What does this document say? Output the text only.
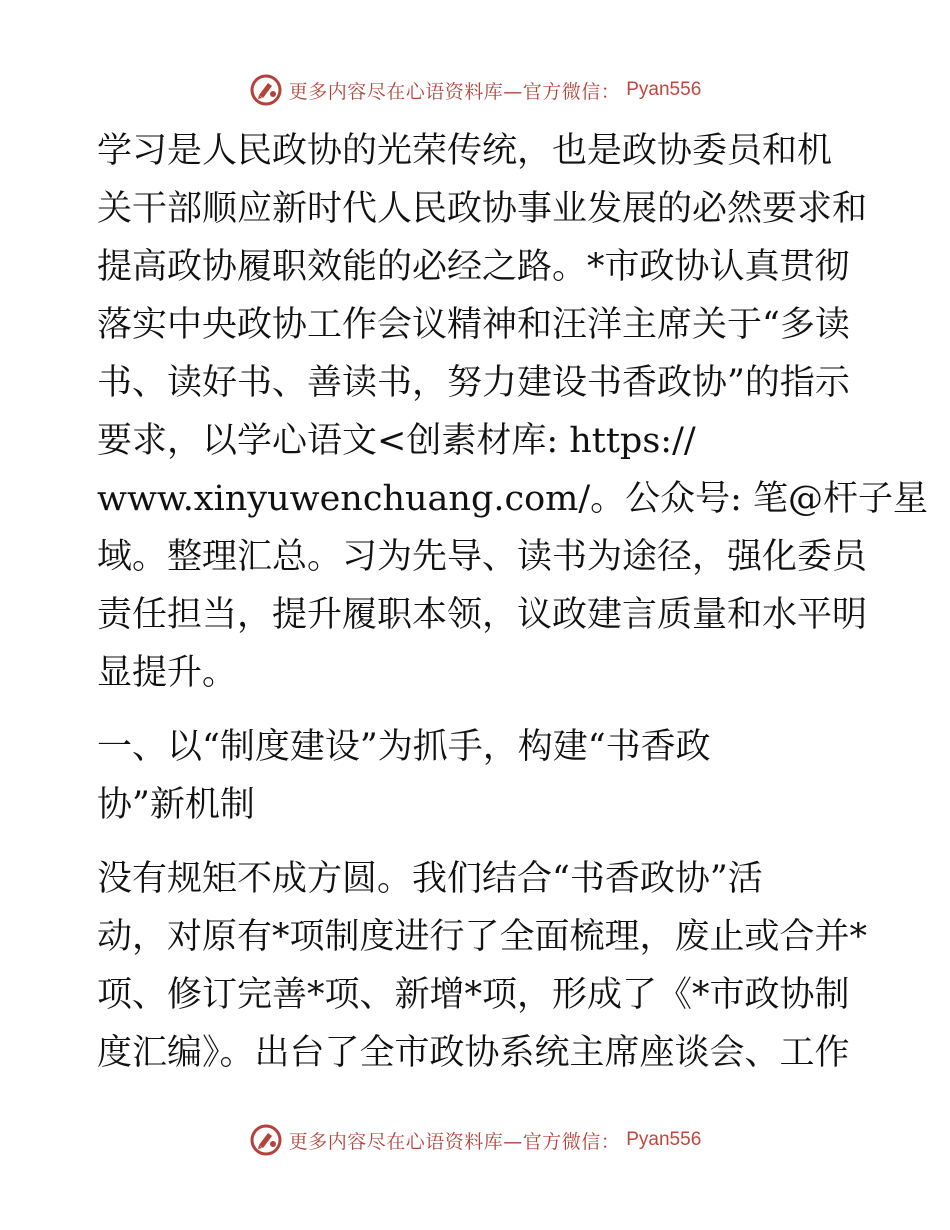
更多内容尽在心语资料库—官方微信： Pyan556

学习是人民政协的光荣传统，也是政协委员和机
关干部顺应新时代人民政协事业发展的必然要求和
提高政协履职效能的必经之路。*市政协认真贯彻
落实中央政协工作会议精神和汪洋主席关于“多读
书、读好书、善读书，努力建设书香政协”的指示
要求，以学心语文<创素材库: https://
www.xinyuwenchuang.com/。公众号: 笔@杆子星
域。整理汇总。习为先导、读书为途径，强化委员
责任担当，提升履职本领，议政建言质量和水平明
显提升。

一、以“制度建设”为抓手，构建“书香政
协”新机制

没有规矩不成方圆。我们结合“书香政协”活
动，对原有*项制度进行了全面梳理，废止或合并*
项、修订完善*项、新增*项，形成了《*市政协制
度汇编》。出台了全市政协系统主席座谈会、工作

更多内容尽在心语资料库—官方微信： Pyan556
